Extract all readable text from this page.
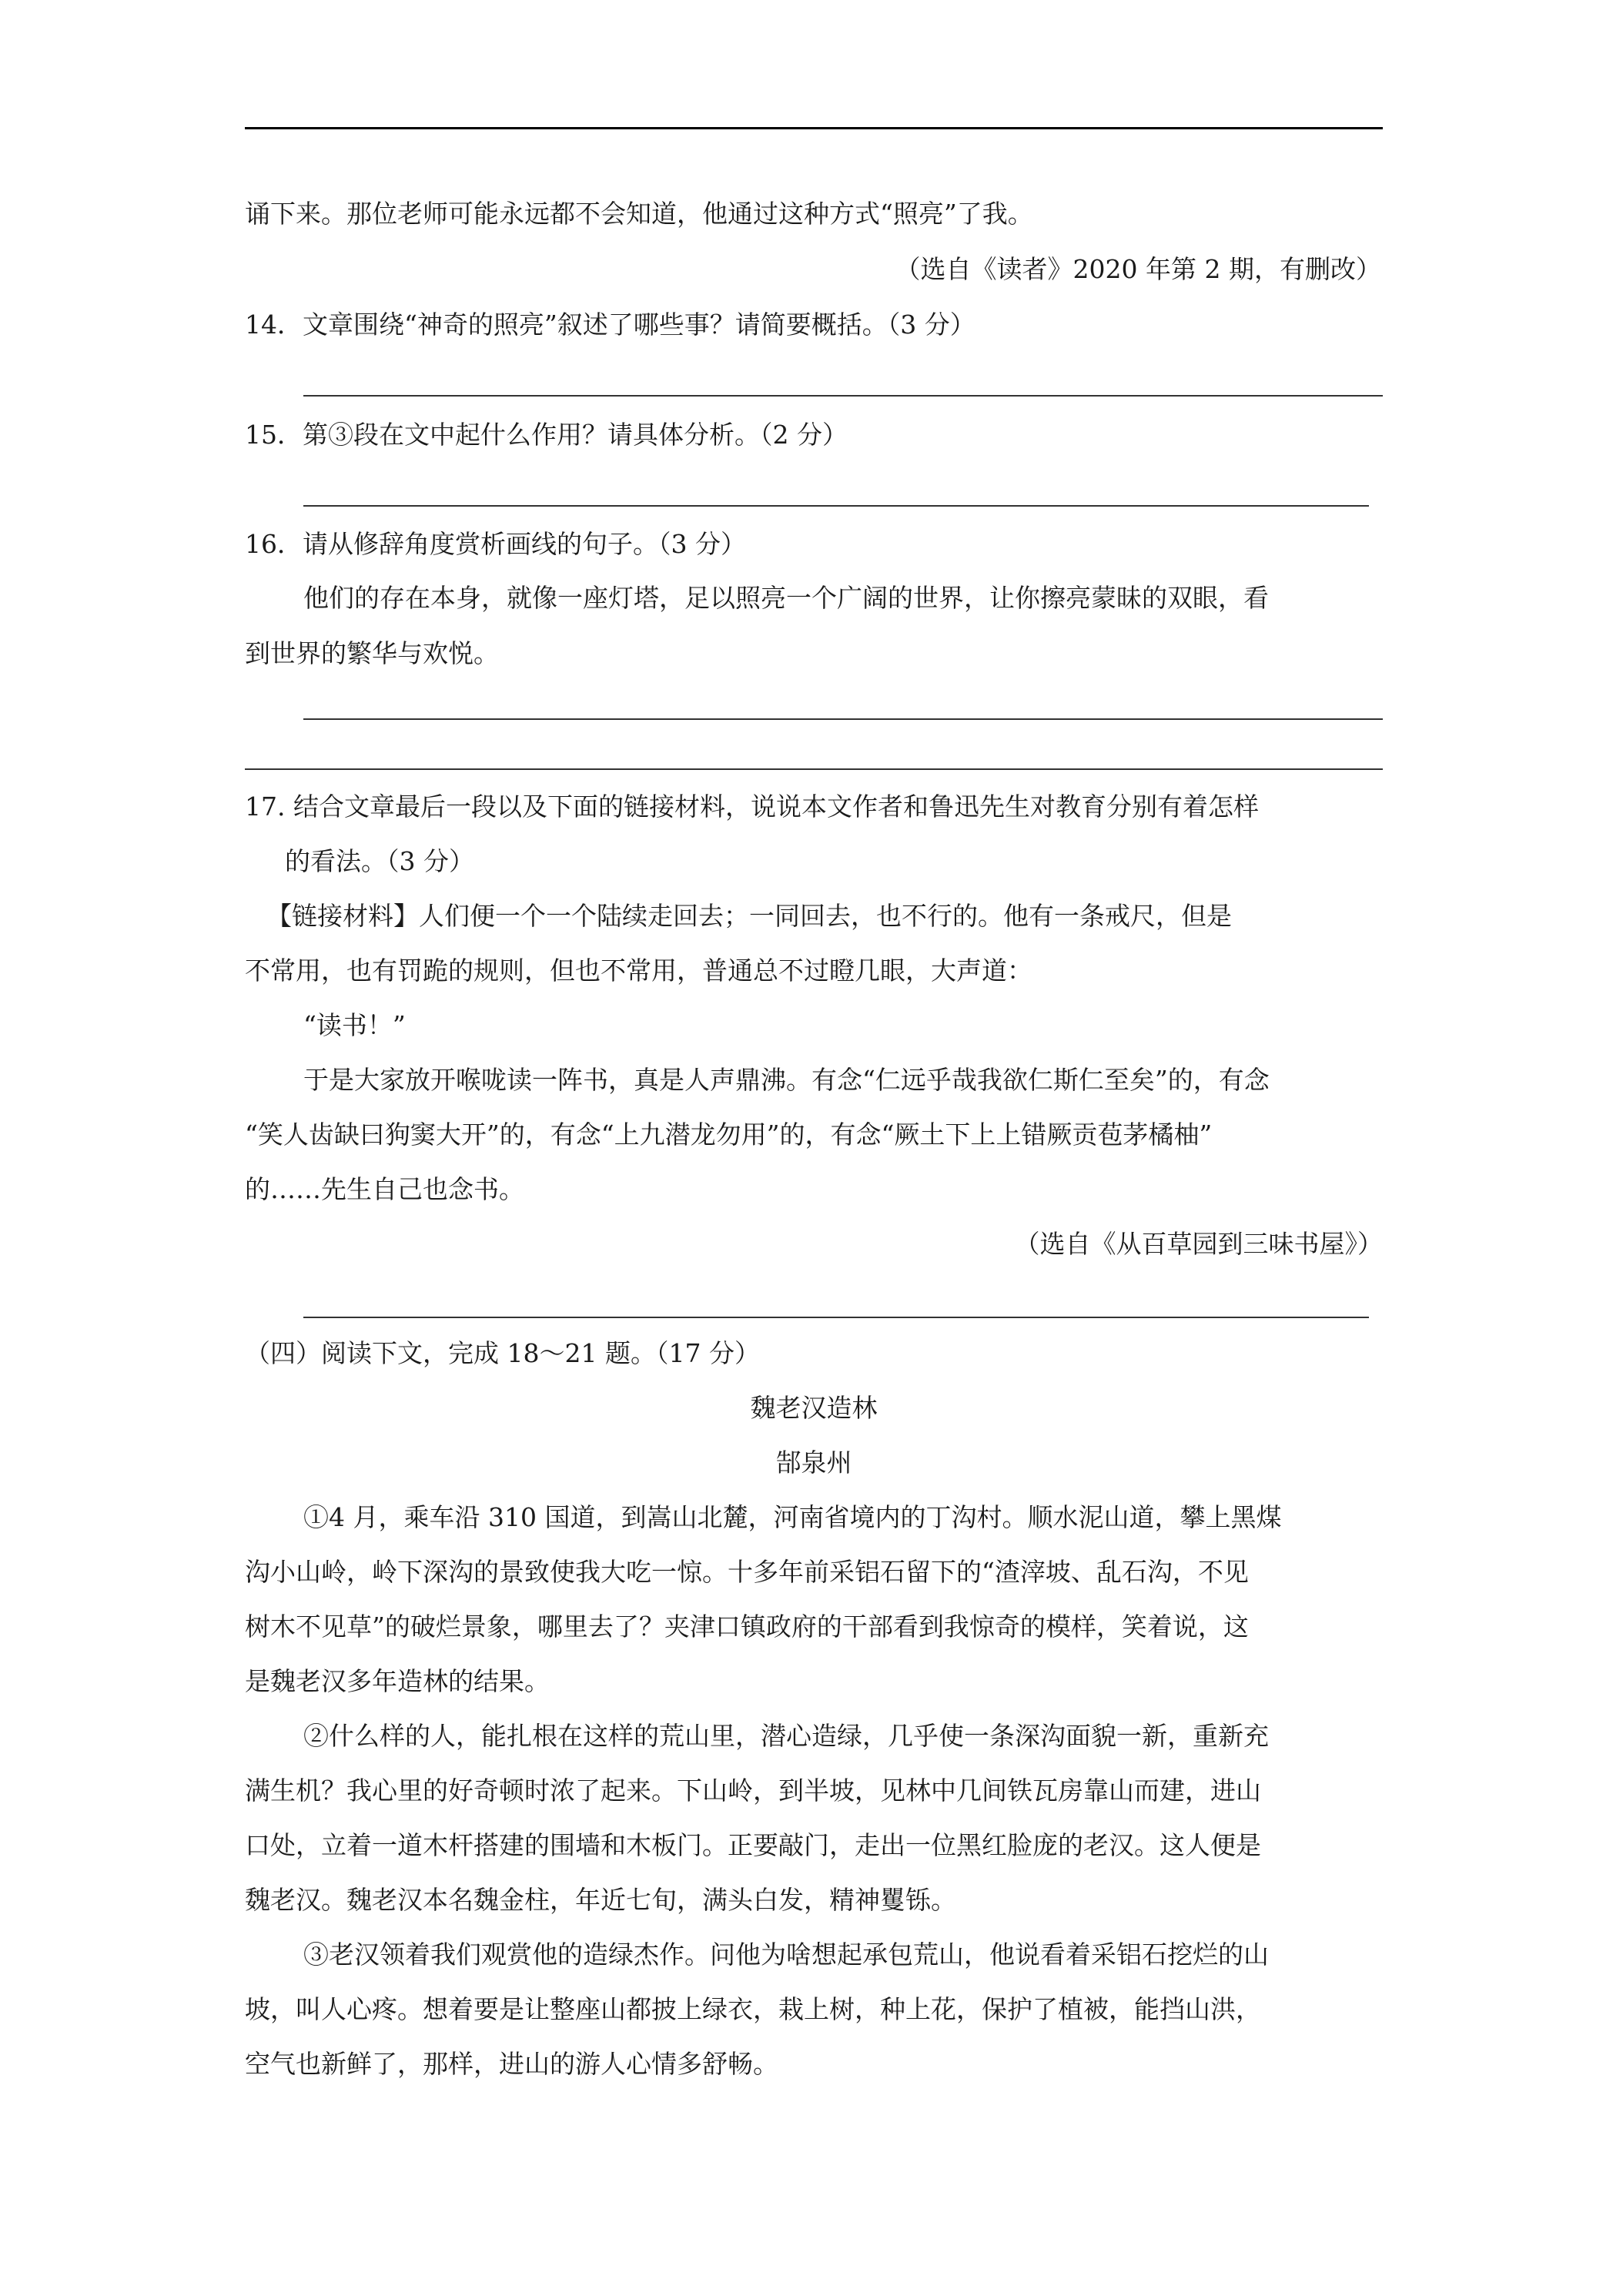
诵下来。那位老师可能永远都不会知道，他通过这种方式“照亮”了我。
（选自《读者》2020 年第 2 期，有删改）
14．文章围绕“神奇的照亮”叙述了哪些事？请简要概括。（3 分）
15．第③段在文中起什么作用？请具体分析。（2 分）
16．请从修辞角度赏析画线的句子。（3 分）
他们的存在本身，就像一座灯塔，足以照亮一个广阔的世界，让你擦亮蒙昧的双眼，看
到世界的繁华与欢悦。
17. 结合文章最后一段以及下面的链接材料，说说本文作者和鲁迅先生对教育分别有着怎样
的看法。（3 分）
【链接材料】人们便一个一个陆续走回去；一同回去，也不行的。他有一条戒尺，但是
不常用，也有罚跪的规则，但也不常用，普通总不过瞪几眼，大声道：
“读书！”
于是大家放开喉咙读一阵书，真是人声鼎沸。有念“仁远乎哉我欲仁斯仁至矣”的，有念
“笑人齿缺曰狗窦大开”的，有念“上九潜龙勿用”的，有念“厥土下上上错厥贡苞茅橘柚”
的……先生自己也念书。
（选自《从百草园到三味书屋》）
（四）阅读下文，完成 18～21 题。（17 分）
魏老汉造林
郜泉州
①4 月，乘车沿 310 国道，到嵩山北麓，河南省境内的丁沟村。顺水泥山道，攀上黑煤
沟小山岭，岭下深沟的景致使我大吃一惊。十多年前采铝石留下的“渣滓坡、乱石沟，不见
树木不见草”的破烂景象，哪里去了？夹津口镇政府的干部看到我惊奇的模样，笑着说，这
是魏老汉多年造林的结果。
②什么样的人，能扎根在这样的荒山里，潜心造绿，几乎使一条深沟面貌一新，重新充
满生机？我心里的好奇顿时浓了起来。下山岭，到半坡，见林中几间铁瓦房靠山而建，进山
口处，立着一道木杆搭建的围墙和木板门。正要敲门，走出一位黑红脸庞的老汉。这人便是
魏老汉。魏老汉本名魏金柱，年近七旬，满头白发，精神矍铄。
③老汉领着我们观赏他的造绿杰作。问他为啥想起承包荒山，他说看着采铝石挖烂的山
坡，叫人心疼。想着要是让整座山都披上绿衣，栽上树，种上花，保护了植被，能挡山洪，
空气也新鲜了，那样，进山的游人心情多舒畅。
